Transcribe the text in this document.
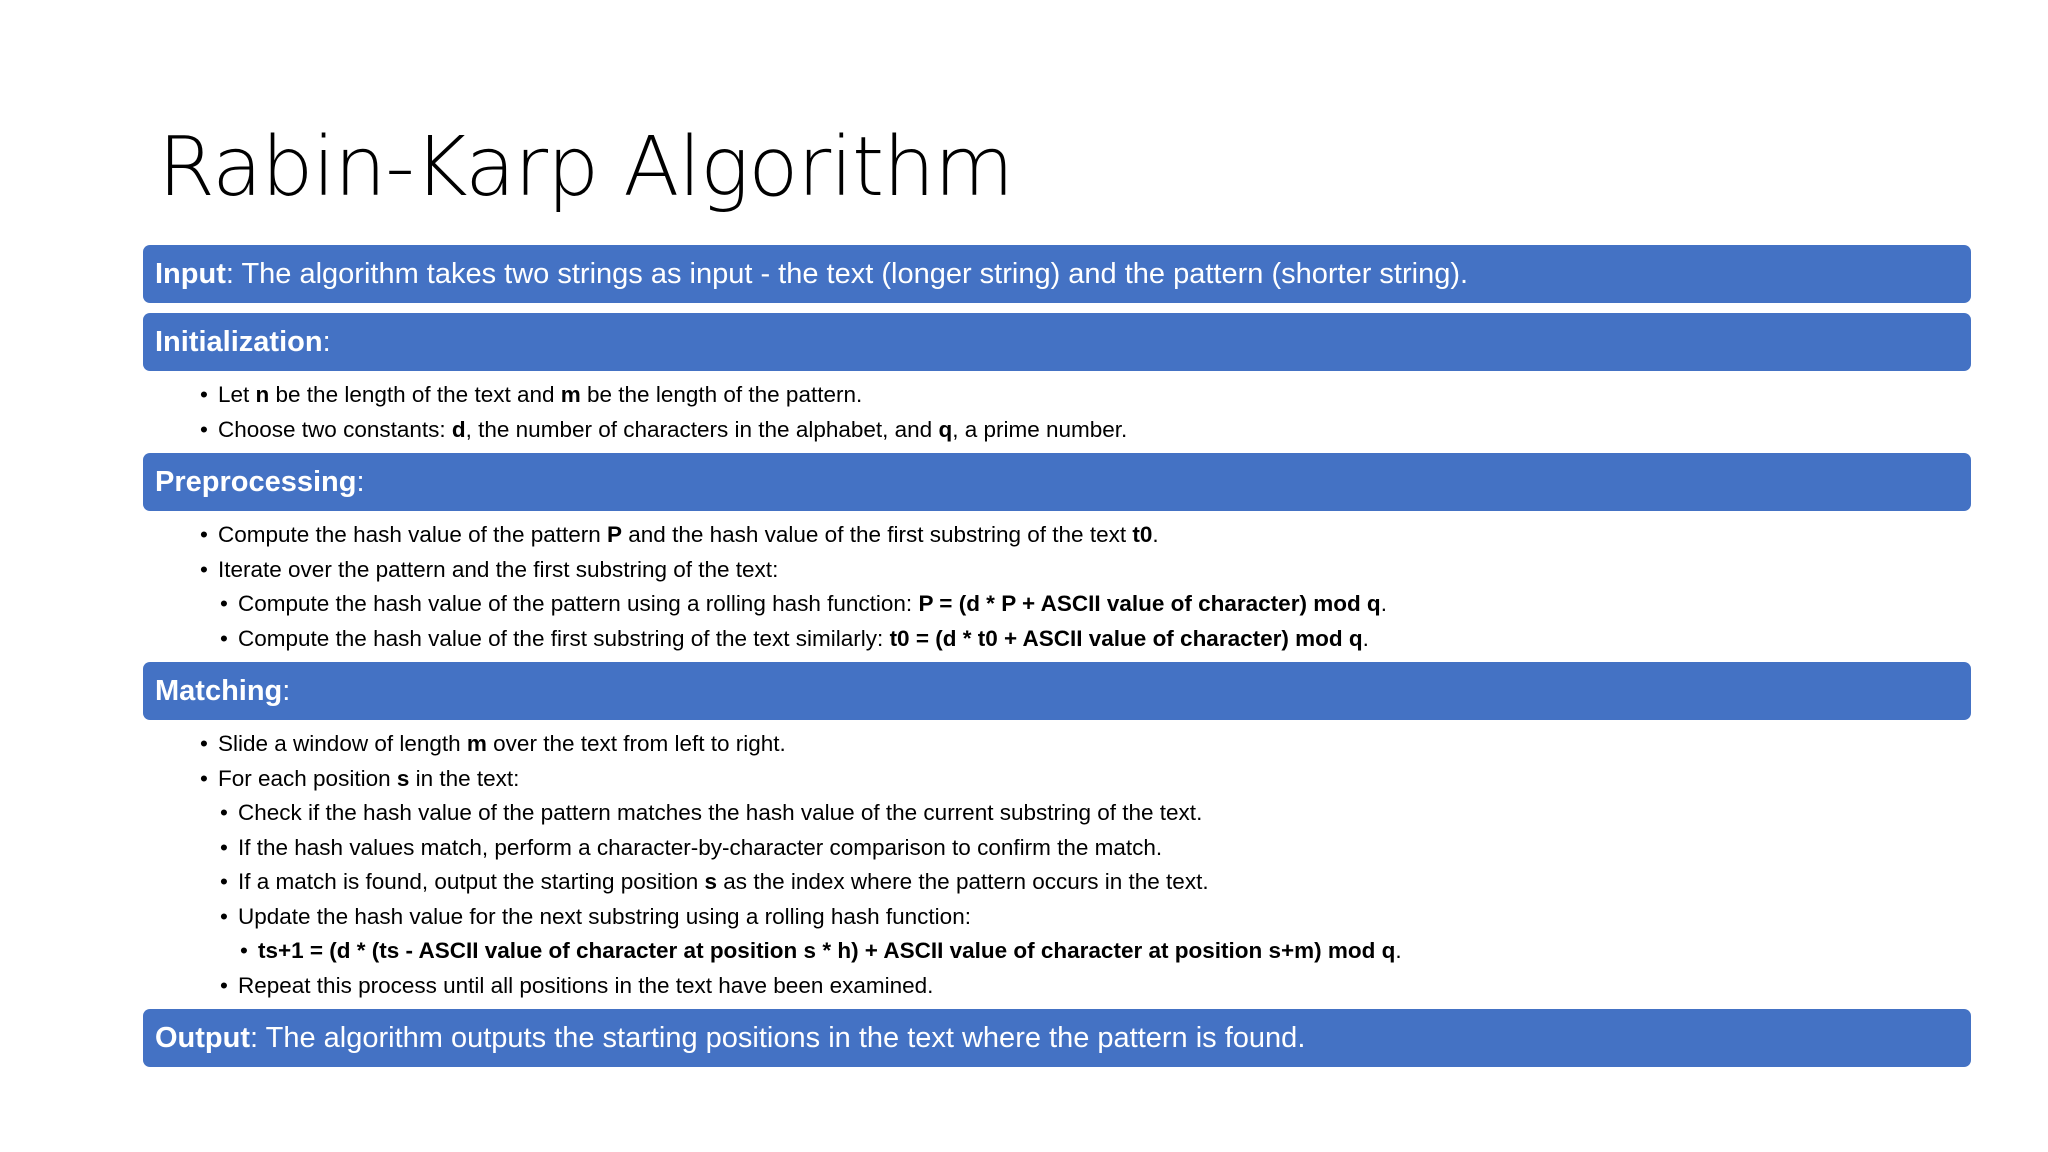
Rabin-Karp Algorithm
Input : The algorithm takes two strings as input - the text (longer string) and the pattern (shorter string).
Initialization :
• Let n be the length of the text and m be the length of the pattern.
• Choose two constants: d, the number of characters in the alphabet, and q, a prime number.
Preprocessing :
• Compute the hash value of the pattern P and the hash value of the first substring of the text t0.
• Iterate over the pattern and the first substring of the text:
• Compute the hash value of the pattern using a rolling hash function: P = (d * P + ASCII value of character) mod q.
• Compute the hash value of the first substring of the text similarly: t0 = (d * t0 + ASCII value of character) mod q.
Matching :
• Slide a window of length m over the text from left to right.
• For each position s in the text:
• Check if the hash value of the pattern matches the hash value of the current substring of the text.
• If the hash values match, perform a character-by-character comparison to confirm the match.
• If a match is found, output the starting position s as the index where the pattern occurs in the text.
• Update the hash value for the next substring using a rolling hash function:
• ts+1 = (d * (ts - ASCII value of character at position s * h) + ASCII value of character at position s+m) mod q.
• Repeat this process until all positions in the text have been examined.
Output : The algorithm outputs the starting positions in the text where the pattern is found.
